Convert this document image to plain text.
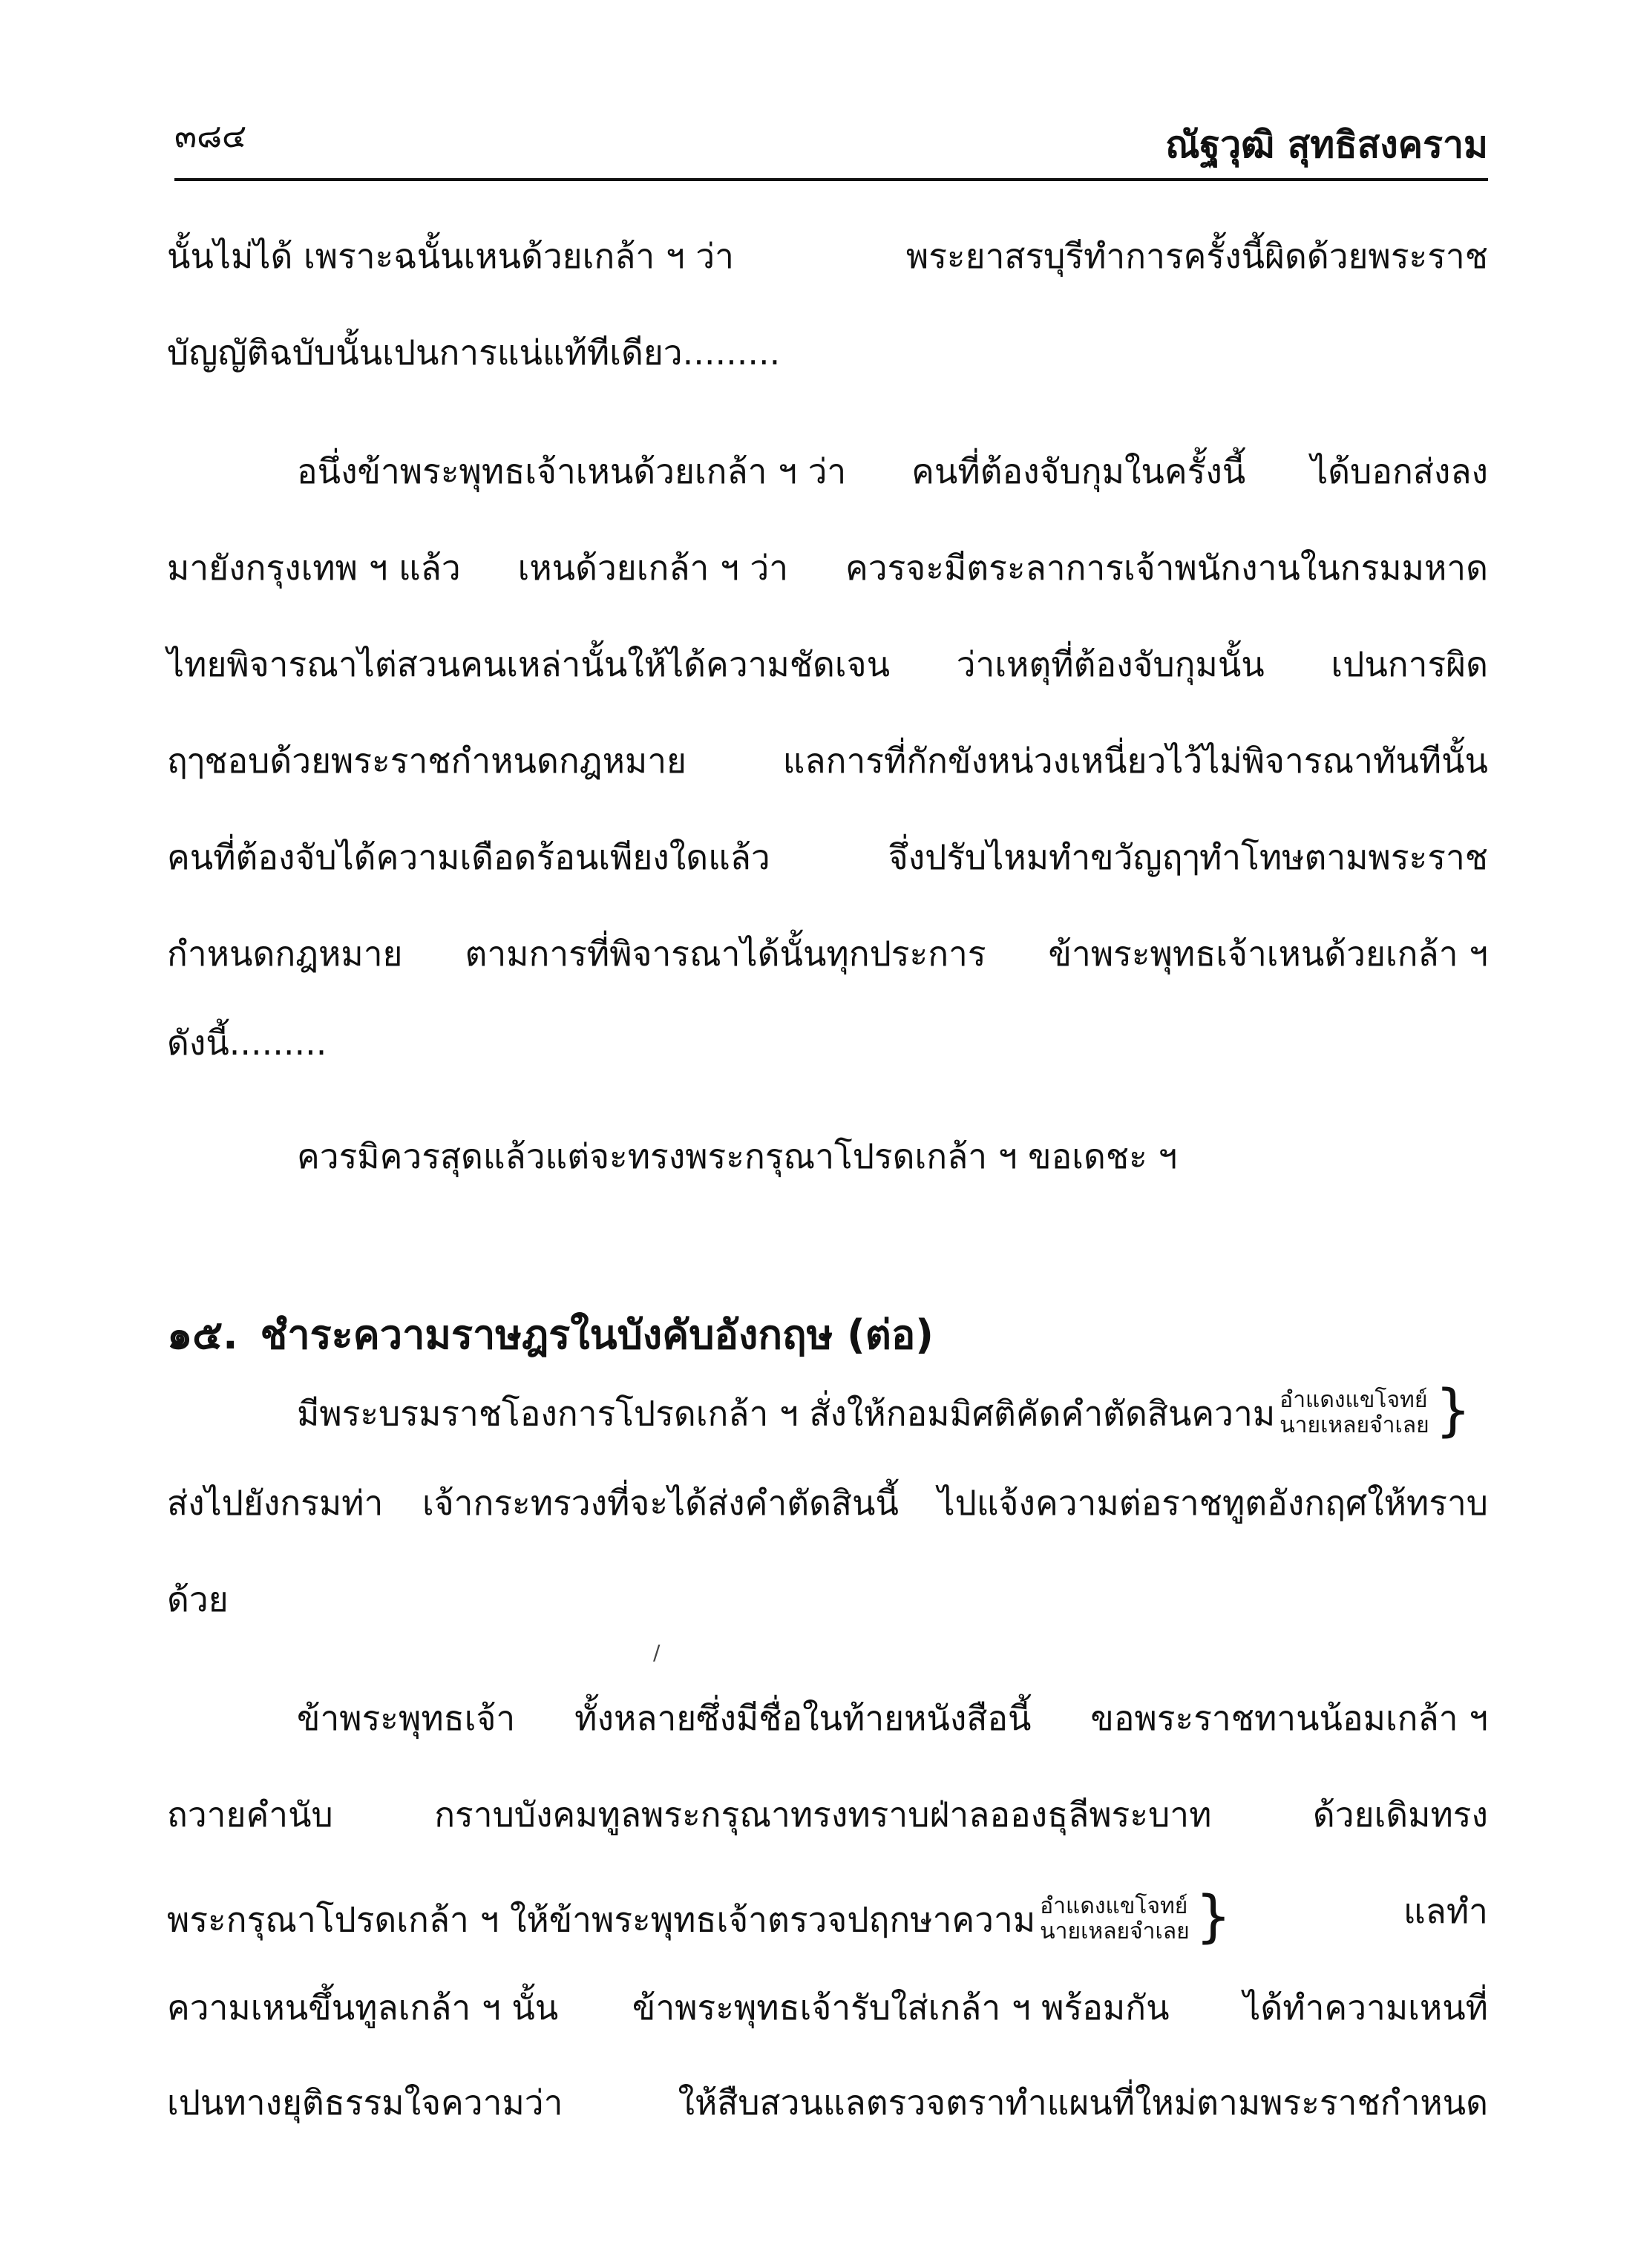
๓๘๔	ณัฐวุฒิ สุทธิสงคราม
นั้นไม่ได้ เพราะฉนั้นเหนด้วยเกล้า ฯ ว่า	พระยาสรบุรีทำการครั้งนี้ผิดด้วยพระราช
บัญญัติฉบับนั้นเปนการแน่แท้ทีเดียว.........
อนึ่งข้าพระพุทธเจ้าเหนด้วยเกล้า ฯ ว่า คนที่ต้องจับกุมในครั้งนี้ ได้บอกส่งลง
มายังกรุงเทพ ฯ แล้ว เหนด้วยเกล้า ฯ ว่า ควรจะมีตระลาการเจ้าพนักงานในกรมมหาด
ไทยพิจารณาไต่สวนคนเหล่านั้นให้ได้ความชัดเจน ว่าเหตุที่ต้องจับกุมนั้น เปนการผิด
ฤๅชอบด้วยพระราชกำหนดกฎหมาย	แลการที่กักขังหน่วงเหนี่ยวไว้ไม่พิจารณาทันทีนั้น
คนที่ต้องจับได้ความเดือดร้อนเพียงใดแล้ว	จึ่งปรับไหมทำขวัญฤๅทำโทษตามพระราช
กำหนดกฎหมาย ตามการที่พิจารณาได้นั้นทุกประการ ข้าพระพุทธเจ้าเหนด้วยเกล้า ฯ
ดังนี้.........
ควรมิควรสุดแล้วแต่จะทรงพระกรุณาโปรดเกล้า ฯ ขอเดชะ ฯ
๑๕. ชำระความราษฎรในบังคับอังกฤษ (ต่อ)
มีพระบรมราชโองการโปรดเกล้า ฯ สั่งให้กอมมิศติคัดคำตัดสินความ อำแดงแขโจทย์
นายเหลยจำเลย }
ส่งไปยังกรมท่า เจ้ากระทรวงที่จะได้ส่งคำตัดสินนี้ ไปแจ้งความต่อราชทูตอังกฤศให้ทราบ
ด้วย
/
ข้าพระพุทธเจ้า ทั้งหลายซึ่งมีชื่อในท้ายหนังสือนี้ ขอพระราชทานน้อมเกล้า ฯ
ถวายคำนับ	กราบบังคมทูลพระกรุณาทรงทราบฝ่าลอองธุลีพระบาท	ด้วยเดิมทรง
พระกรุณาโปรดเกล้า ฯ ให้ข้าพระพุทธเจ้าตรวจปฤกษาความ อำแดงแขโจทย์
นายเหลยจำเลย }	แลทำ
ความเหนขึ้นทูลเกล้า ฯ นั้น ข้าพระพุทธเจ้ารับใส่เกล้า ฯ พร้อมกัน ได้ทำความเหนที่
เปนทางยุติธรรมใจความว่า	ให้สืบสวนแลตรวจตราทำแผนที่ใหม่ตามพระราชกำหนด
